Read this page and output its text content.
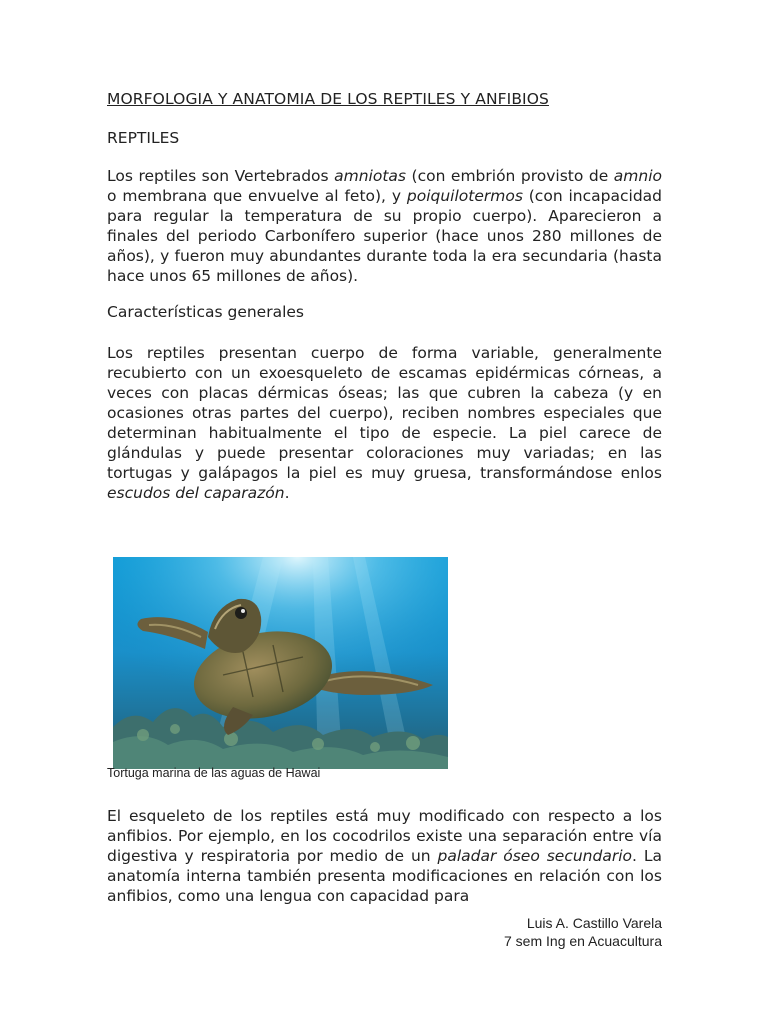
MORFOLOGIA Y ANATOMIA DE LOS REPTILES Y ANFIBIOS
REPTILES

Los reptiles son Vertebrados amniotas (con embrión provisto de amnio o membrana que envuelve al feto), y poiquilotermos (con incapacidad para regular la temperatura de su propio cuerpo). Aparecieron a finales del periodo Carbonífero superior (hace unos 280 millones de años), y fueron muy abundantes durante toda la era secundaria (hasta hace unos 65 millones de años).

Características generales

Los reptiles presentan cuerpo de forma variable, generalmente recubierto con un exoesqueleto de escamas epidérmicas córneas, a veces con placas dérmicas óseas; las que cubren la cabeza (y en ocasiones otras partes del cuerpo), reciben nombres especiales que determinan habitualmente el tipo de especie. La piel carece de glándulas y puede presentar coloraciones muy variadas; en las tortugas y galápagos la piel es muy gruesa, transformándose enlos escudos del caparazón.

Tortuga marina de las aguas de Hawai

El esqueleto de los reptiles está muy modificado con respecto a los anfibios. Por ejemplo, en los cocodrilos existe una separación entre vía digestiva y respiratoria por medio de un paladar óseo secundario. La anatomía interna también presenta modificaciones en relación con los anfibios, como una lengua con capacidad para

Luis A. Castillo Varela
7 sem Ing en Acuacultura
